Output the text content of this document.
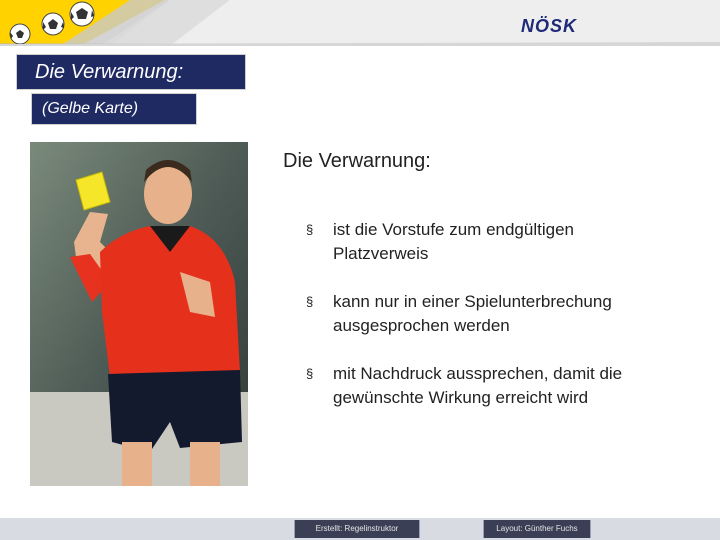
NÖSK
Die Verwarnung:
(Gelbe Karte)
Die Verwarnung:
§ ist die Vorstufe zum endgültigen
Platzverweis
§ kann nur in einer Spielunterbrechung
ausgesprochen werden
§ mit Nachdruck aussprechen, damit die
gewünschte Wirkung erreicht wird
Erstellt: Regelinstruktor	Layout: Günther Fuchs
